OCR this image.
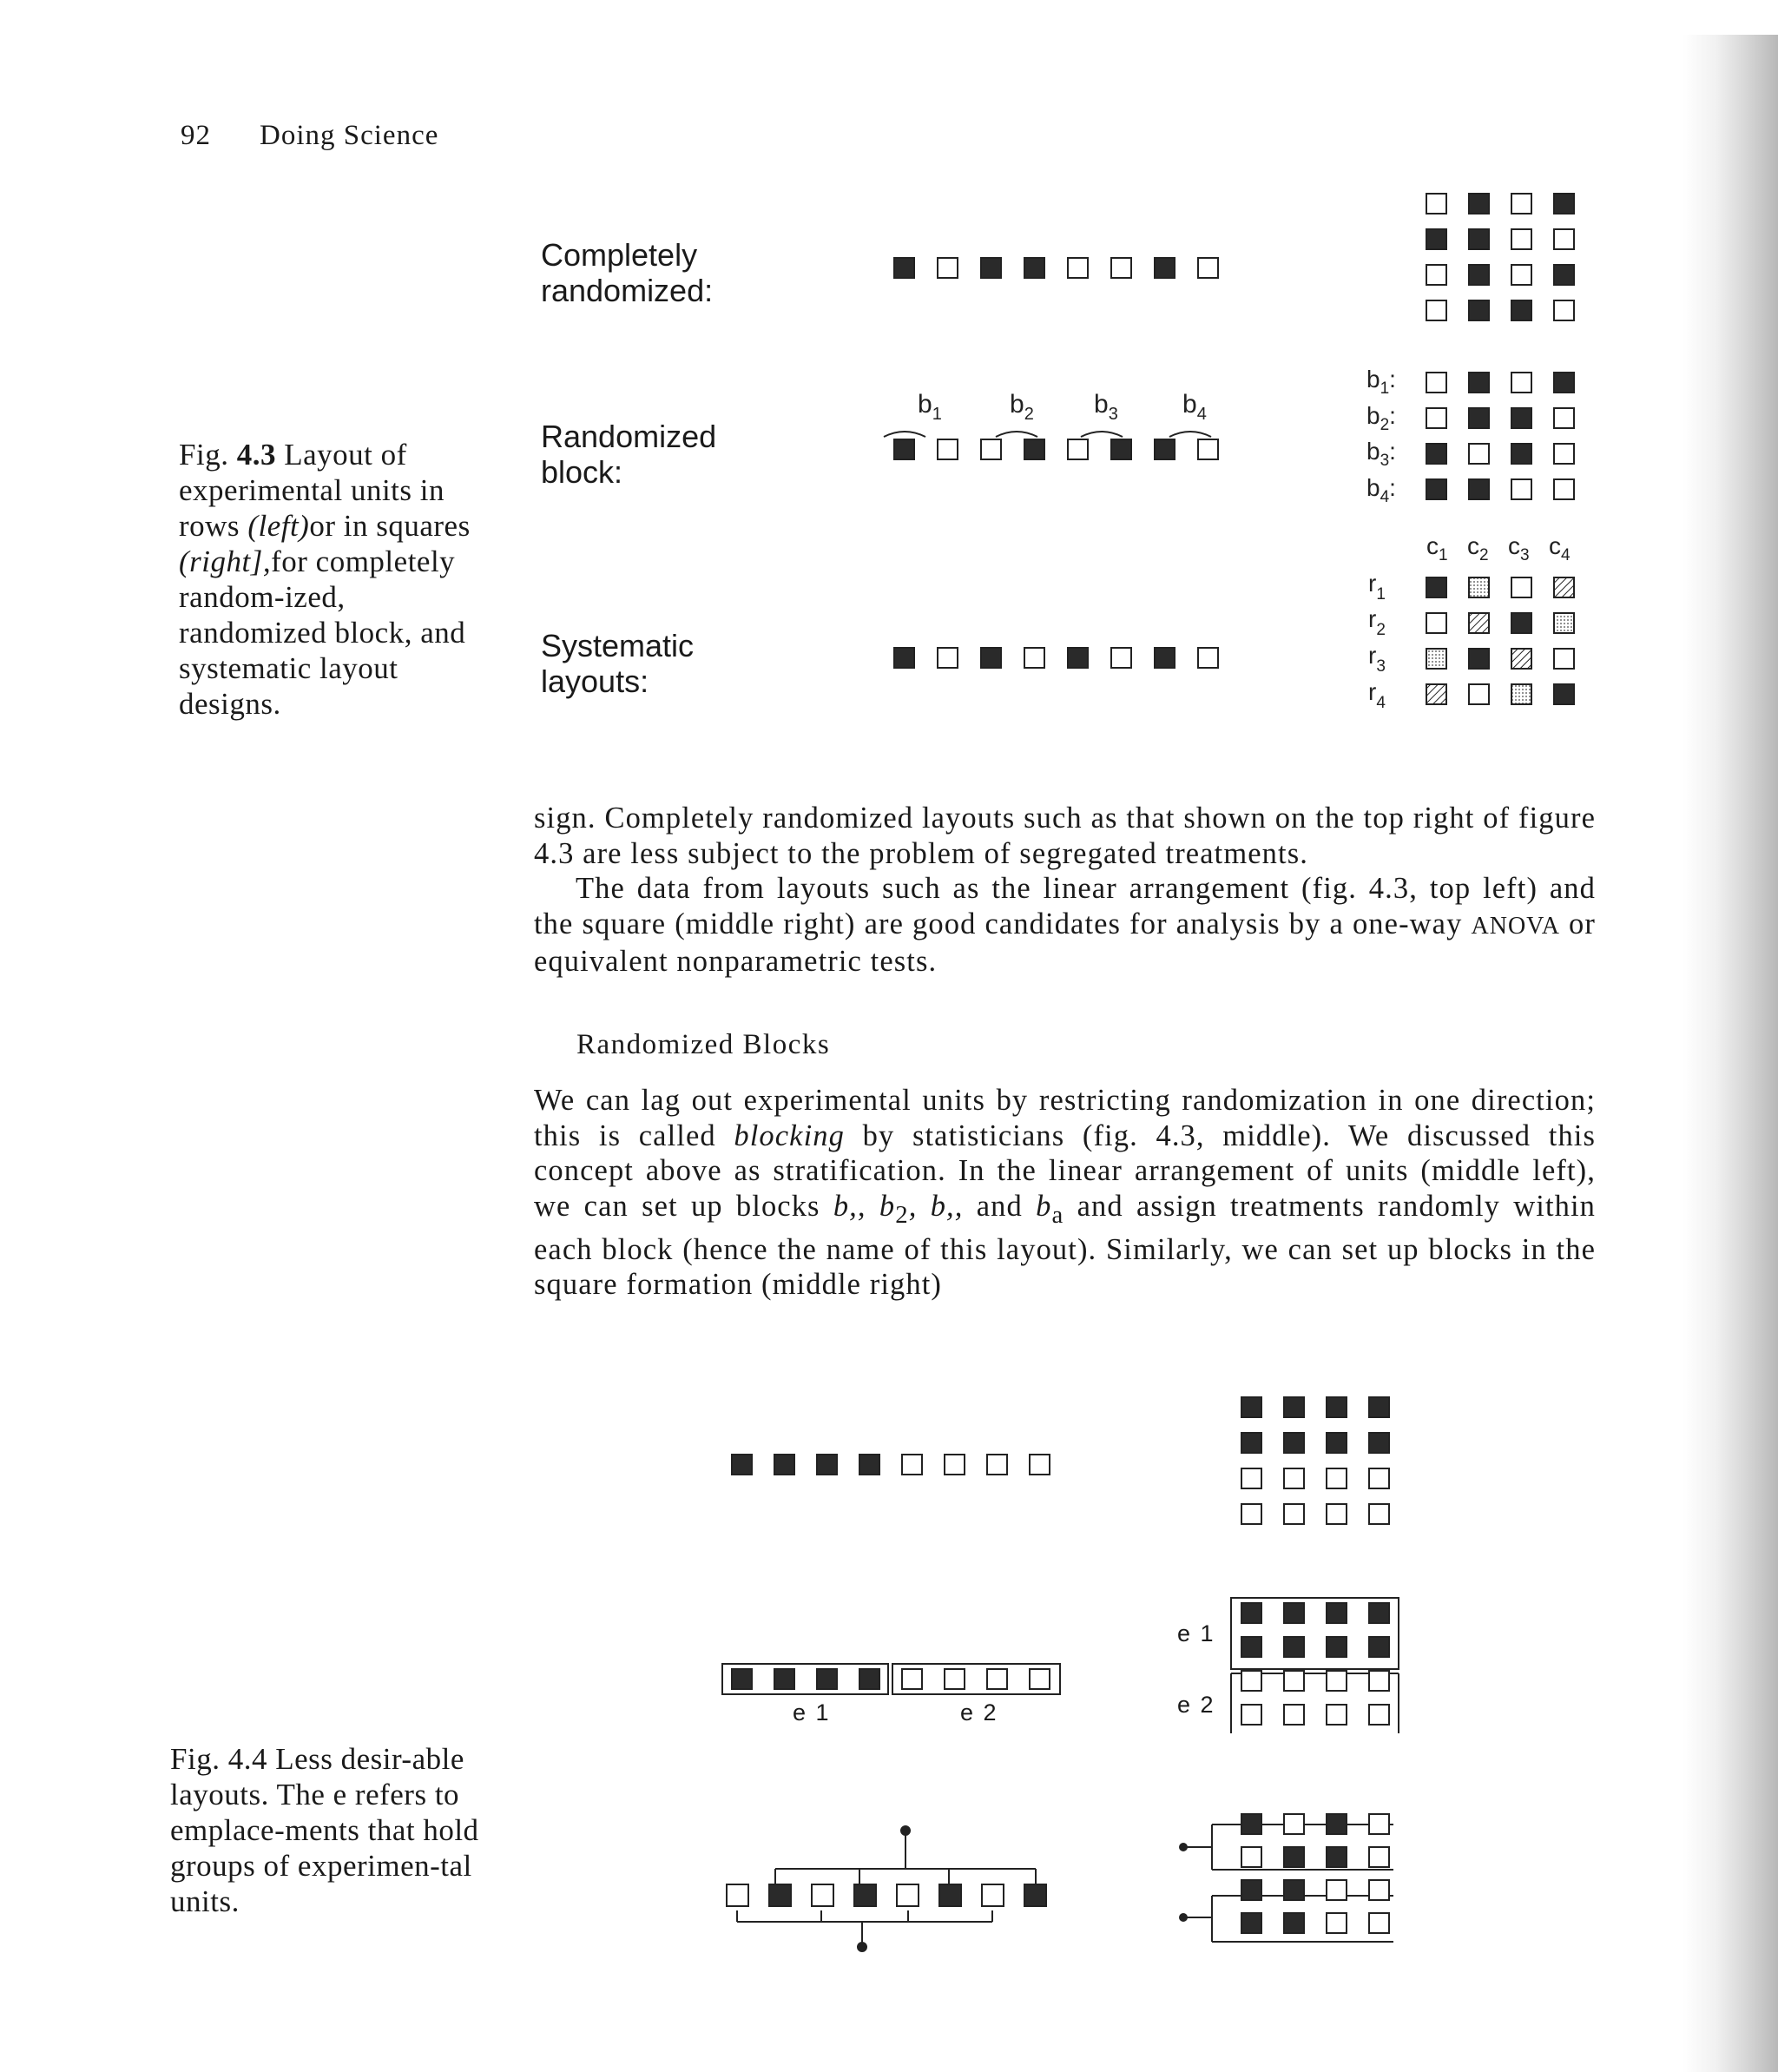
92 Doing Science
Fig. 4.3 Layout of experimental units in rows (left)or in squares (right],for completely random-ized, randomized block, and systematic layout designs.
Completely
randomized:
Randomized
block:
Systematic
layouts:
$b_1$	$b_2$ $b_3$ $b_4$
$b_1$:
$b_2$:
$b_3$:
$b_4$:
$c_1$ $c_2$ $c_3$ $c_4$
$r_1$
$r_2$
$r_3$
$r_4$
e 1	e 2
e 1
e 2

sign. Completely randomized layouts such as that shown on the top right of figure 4.3 are less subject to the problem of segregated treatments.

The data from layouts such as the linear arrangement (fig. 4.3, top left) and the square (middle right) are good candidates for analysis by a one-way ANOVA or equivalent nonparametric tests.

Randomized Blocks
We can lag out experimental units by restricting randomization in one direction; this is called blocking by statisticians (fig. 4.3, middle). We discussed this concept above as stratification. In the linear arrangement of units (middle left), we can set up blocks b,, $b_2$, b,, and $b_a$ and assign treatments randomly within each block (hence the name of this layout). Similarly, we can set up blocks in the square formation (middle right)
Fig. 4.4 Less desir-able layouts. The e refers to emplace-ments that hold groups of experimen-tal units.
